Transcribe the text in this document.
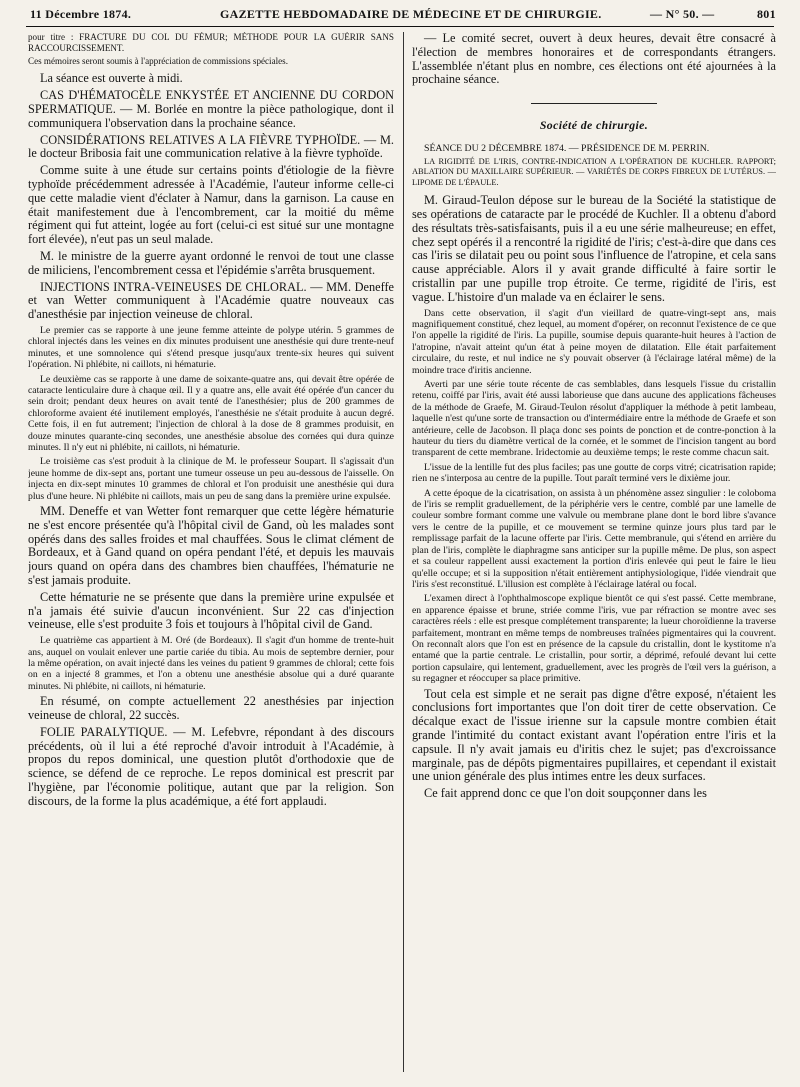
11 Décembre 1874.	GAZETTE HEBDOMADAIRE DE MÉDECINE ET DE CHIRURGIE.	— N° 50. —	801

pour titre : FRACTURE DU COL DU FÉMUR; MÉTHODE POUR LA GUÉRIR SANS RACCOURCISSEMENT.

Ces mémoires seront soumis à l'appréciation de commissions spéciales.

La séance est ouverte à midi.

CAS D'HÉMATOCÈLE ENKYSTÉE ET ANCIENNE DU CORDON SPERMATIQUE. — M. Borlée en montre la pièce pathologique, dont il communiquera l'observation dans la prochaine séance.

CONSIDÉRATIONS RELATIVES A LA FIÈVRE TYPHOÏDE. — M. le docteur Bribosia fait une communication relative à la fièvre typhoïde.

Comme suite à une étude sur certains points d'étiologie de la fièvre typhoïde précédemment adressée à l'Académie, l'auteur informe celle-ci que cette maladie vient d'éclater à Namur, dans la garnison. La cause en était manifestement due à l'encombrement, car la moitié du même régiment qui fut atteint, logée au fort (celui-ci est situé sur une montagne fort élevée), n'eut pas un seul malade.

M. le ministre de la guerre ayant ordonné le renvoi de tout une classe de miliciens, l'encombrement cessa et l'épidémie s'arrêta brusquement.

INJECTIONS INTRA-VEINEUSES DE CHLORAL. — MM. Deneffe et van Wetter communiquent à l'Académie quatre nouveaux cas d'anesthésie par injection veineuse de chloral.

Le premier cas se rapporte à une jeune femme atteinte de polype utérin. 5 grammes de chloral injectés dans les veines en dix minutes produisent une anesthésie qui dure trente-neuf minutes, et une somnolence qui s'étend presque jusqu'aux trente-six heures qui suivent l'opération. Ni phlébite, ni caillots, ni hématurie.

Le deuxième cas se rapporte à une dame de soixante-quatre ans, qui devait être opérée de cataracte lenticulaire dure à chaque œil. Il y a quatre ans, elle avait été opérée d'un cancer du sein droit; pendant deux heures on avait tenté de l'anesthésier; plus de 200 grammes de chloroforme avaient été inutilement employés, l'anesthésie ne s'était produite à aucun degré. Cette fois, il en fut autrement; l'injection de chloral à la dose de 8 grammes produisit, en douze minutes quarante-cinq secondes, une anesthésie absolue des cornées qui dura quinze minutes. Il n'y eut ni phlébite, ni caillots, ni hématurie.

Le troisième cas s'est produit à la clinique de M. le professeur Soupart. Il s'agissait d'un jeune homme de dix-sept ans, portant une tumeur osseuse un peu au-dessous de l'aisselle. On injecta en dix-sept minutes 10 grammes de chloral et l'on produisit une anesthésie qui dura plus d'une heure. Ni phlébite ni caillots, mais un peu de sang dans la première urine expulsée.

MM. Deneffe et van Wetter font remarquer que cette légère hématurie ne s'est encore présentée qu'à l'hôpital civil de Gand, où les malades sont opérés dans des salles froides et mal chauffées. Sous le climat clément de Bordeaux, et à Gand quand on opéra pendant l'été, et depuis les mauvais jours quand on opéra dans des chambres bien chauffées, l'hématurie ne s'est jamais produite.

Cette hématurie ne se présente que dans la première urine expulsée et n'a jamais été suivie d'aucun inconvénient. Sur 22 cas d'injection veineuse, elle s'est produite 3 fois et toujours à l'hôpital civil de Gand.

Le quatrième cas appartient à M. Oré (de Bordeaux). Il s'agit d'un homme de trente-huit ans, auquel on voulait enlever une partie cariée du tibia. Au mois de septembre dernier, pour la même opération, on avait injecté dans les veines du patient 9 grammes de chloral; cette fois on en a injecté 8 grammes, et l'on a obtenu une anesthésie absolue qui a duré quarante minutes. Ni phlébite, ni caillots, ni hématurie.

En résumé, on compte actuellement 22 anesthésies par injection veineuse de chloral, 22 succès.

FOLIE PARALYTIQUE. — M. Lefebvre, répondant à des discours précédents, où il lui a été reproché d'avoir introduit à l'Académie, à propos du repos dominical, une question plutôt d'orthodoxie que de science, se défend de ce reproche. Le repos dominical est prescrit par l'hygiène, par l'économie politique, autant que par la religion. Son discours, de la forme la plus académique, a été fort applaudi.

— Le comité secret, ouvert à deux heures, devait être consacré à l'élection de membres honoraires et de correspondants étrangers. L'assemblée n'étant plus en nombre, ces élections ont été ajournées à la prochaine séance.

Société de chirurgie.

SÉANCE DU 2 DÉCEMBRE 1874. — PRÉSIDENCE DE M. PERRIN.

LA RIGIDITÉ DE L'IRIS, CONTRE-INDICATION A L'OPÉRATION DE KUCHLER. RAPPORT; ABLATION DU MAXILLAIRE SUPÉRIEUR. — VARIÉTÉS DE CORPS FIBREUX DE L'UTÉRUS. — LIPOME DE L'ÉPAULE.

M. Giraud-Teulon dépose sur le bureau de la Société la statistique de ses opérations de cataracte par le procédé de Kuchler. Il a obtenu d'abord des résultats très-satisfaisants, puis il a eu une série malheureuse; en effet, chez sept opérés il a rencontré la rigidité de l'iris; c'est-à-dire que dans ces cas l'iris se dilatait peu ou point sous l'influence de l'atropine, et cela sans cause appréciable. Alors il y avait grande difficulté à faire sortir le cristallin par une pupille trop étroite. Ce terme, rigidité de l'iris, est vague. L'histoire d'un malade va en éclairer le sens.

Dans cette observation, il s'agit d'un vieillard de quatre-vingt-sept ans, mais magnifiquement constitué, chez lequel, au moment d'opérer, on reconnut l'existence de ce que l'on appelle la rigidité de l'iris. La pupille, soumise depuis quarante-huit heures à l'action de l'atropine, n'avait atteint qu'un état à peine moyen de dilatation. Elle était parfaitement circulaire, du reste, et nul indice ne s'y pouvait observer (à l'éclairage latéral même) de la moindre trace d'iritis ancienne.

Averti par une série toute récente de cas semblables, dans lesquels l'issue du cristallin retenu, coiffé par l'iris, avait été aussi laborieuse que dans aucune des applications fâcheuses de la méthode de Graefe, M. Giraud-Teulon résolut d'appliquer la méthode à petit lambeau, laquelle n'est qu'une sorte de transaction ou d'intermédiaire entre la méthode de Graefe et son antérieure, celle de Jacobson. Il plaça donc ses points de ponction et de contre-ponction à la hauteur du tiers du diamètre vertical de la cornée, et le sommet de l'incision tangent au bord transparent de cette membrane. Iridectomie au deuxième temps; le reste comme chacun sait.

L'issue de la lentille fut des plus faciles; pas une goutte de corps vitré; cicatrisation rapide; rien ne s'interposa au centre de la pupille. Tout paraît terminé vers le dixième jour.

A cette époque de la cicatrisation, on assista à un phénomène assez singulier : le coloboma de l'iris se remplit graduellement, de la périphérie vers le centre, comblé par une lamelle de couleur sombre formant comme une valvule ou membrane plane dont le bord libre s'avance vers le centre de la pupille, et ce mouvement se termine quinze jours plus tard par le remplissage parfait de la lacune offerte par l'iris. Cette membranule, qui s'étend en arrière du plan de l'iris, complète le diaphragme sans anticiper sur la pupille même. De plus, son aspect et sa couleur rappellent aussi exactement la portion d'iris enlevée qui peut le faire le lieu qu'elle occupe; et si la supposition n'était entièrement antiphysiologique, l'idée viendrait que l'iris s'est reconstitué. L'illusion est complète à l'éclairage latéral ou focal.

L'examen direct à l'ophthalmoscope explique bientôt ce qui s'est passé. Cette membrane, en apparence épaisse et brune, striée comme l'iris, vue par réfraction se montre avec ses caractères réels : elle est presque complétement transparente; la lueur choroïdienne la traverse parfaitement, montrant en même temps de nombreuses traînées pigmentaires qui la couvrent. On reconnaît alors que l'on est en présence de la capsule du cristallin, dont le kystitome n'a entamé que la partie centrale. Le cristallin, pour sortir, a déprimé, refoulé devant lui cette portion capsulaire, qui lentement, graduellement, avec les progrès de l'œil vers la guérison, a su regagner et réoccuper sa place primitive.

Tout cela est simple et ne serait pas digne d'être exposé, n'étaient les conclusions fort importantes que l'on doit tirer de cette observation. Ce décalque exact de l'issue irienne sur la capsule montre combien était grande l'intimité du contact existant avant l'opération entre l'iris et la capsule. Il n'y avait jamais eu d'iritis chez le sujet; pas d'excroissance marginale, pas de dépôts pigmentaires pupillaires, et cependant il existait une union générale des plus intimes entre les deux surfaces.

Ce fait apprend donc ce que l'on doit soupçonner dans les
